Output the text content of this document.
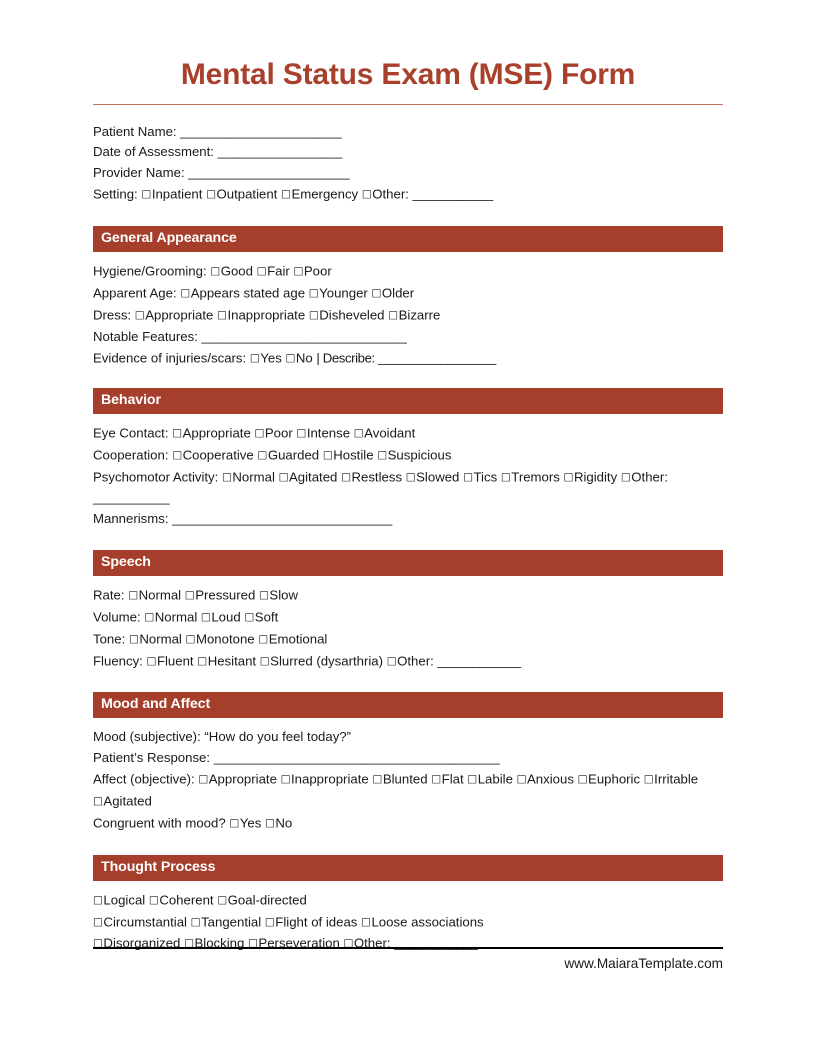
Mental Status Exam (MSE) Form
Patient Name: ______________________
Date of Assessment: _________________
Provider Name: ______________________
Setting: □Inpatient □Outpatient □Emergency □Other: ___________
General Appearance
Hygiene/Grooming: □Good □Fair □Poor
Apparent Age: □Appears stated age □Younger □Older
Dress: □Appropriate □Inappropriate □Disheveled □Bizarre
Notable Features: ____________________________
Evidence of injuries/scars: □Yes □No | Describe: _________________
Behavior
Eye Contact: □Appropriate □Poor □Intense □Avoidant
Cooperation: □Cooperative □Guarded □Hostile □Suspicious
Psychomotor Activity: □Normal □Agitated □Restless □Slowed □Tics □Tremors □Rigidity □Other: ___________
Mannerisms: ______________________________
Speech
Rate: □Normal □Pressured □Slow
Volume: □Normal □Loud □Soft
Tone: □Normal □Monotone □Emotional
Fluency: □Fluent □Hesitant □Slurred (dysarthria) □Other: ____________
Mood and Affect
Mood (subjective): “How do you feel today?”
Patient’s Response: _______________________________________
Affect (objective): □Appropriate □Inappropriate □Blunted □Flat □Labile □Anxious □Euphoric □Irritable □Agitated
Congruent with mood? □Yes □No
Thought Process
□Logical □Coherent □Goal-directed
□Circumstantial □Tangential □Flight of ideas □Loose associations
□Disorganized □Blocking □Perseveration □Other: ____________
www.MaiaraTemplate.com
